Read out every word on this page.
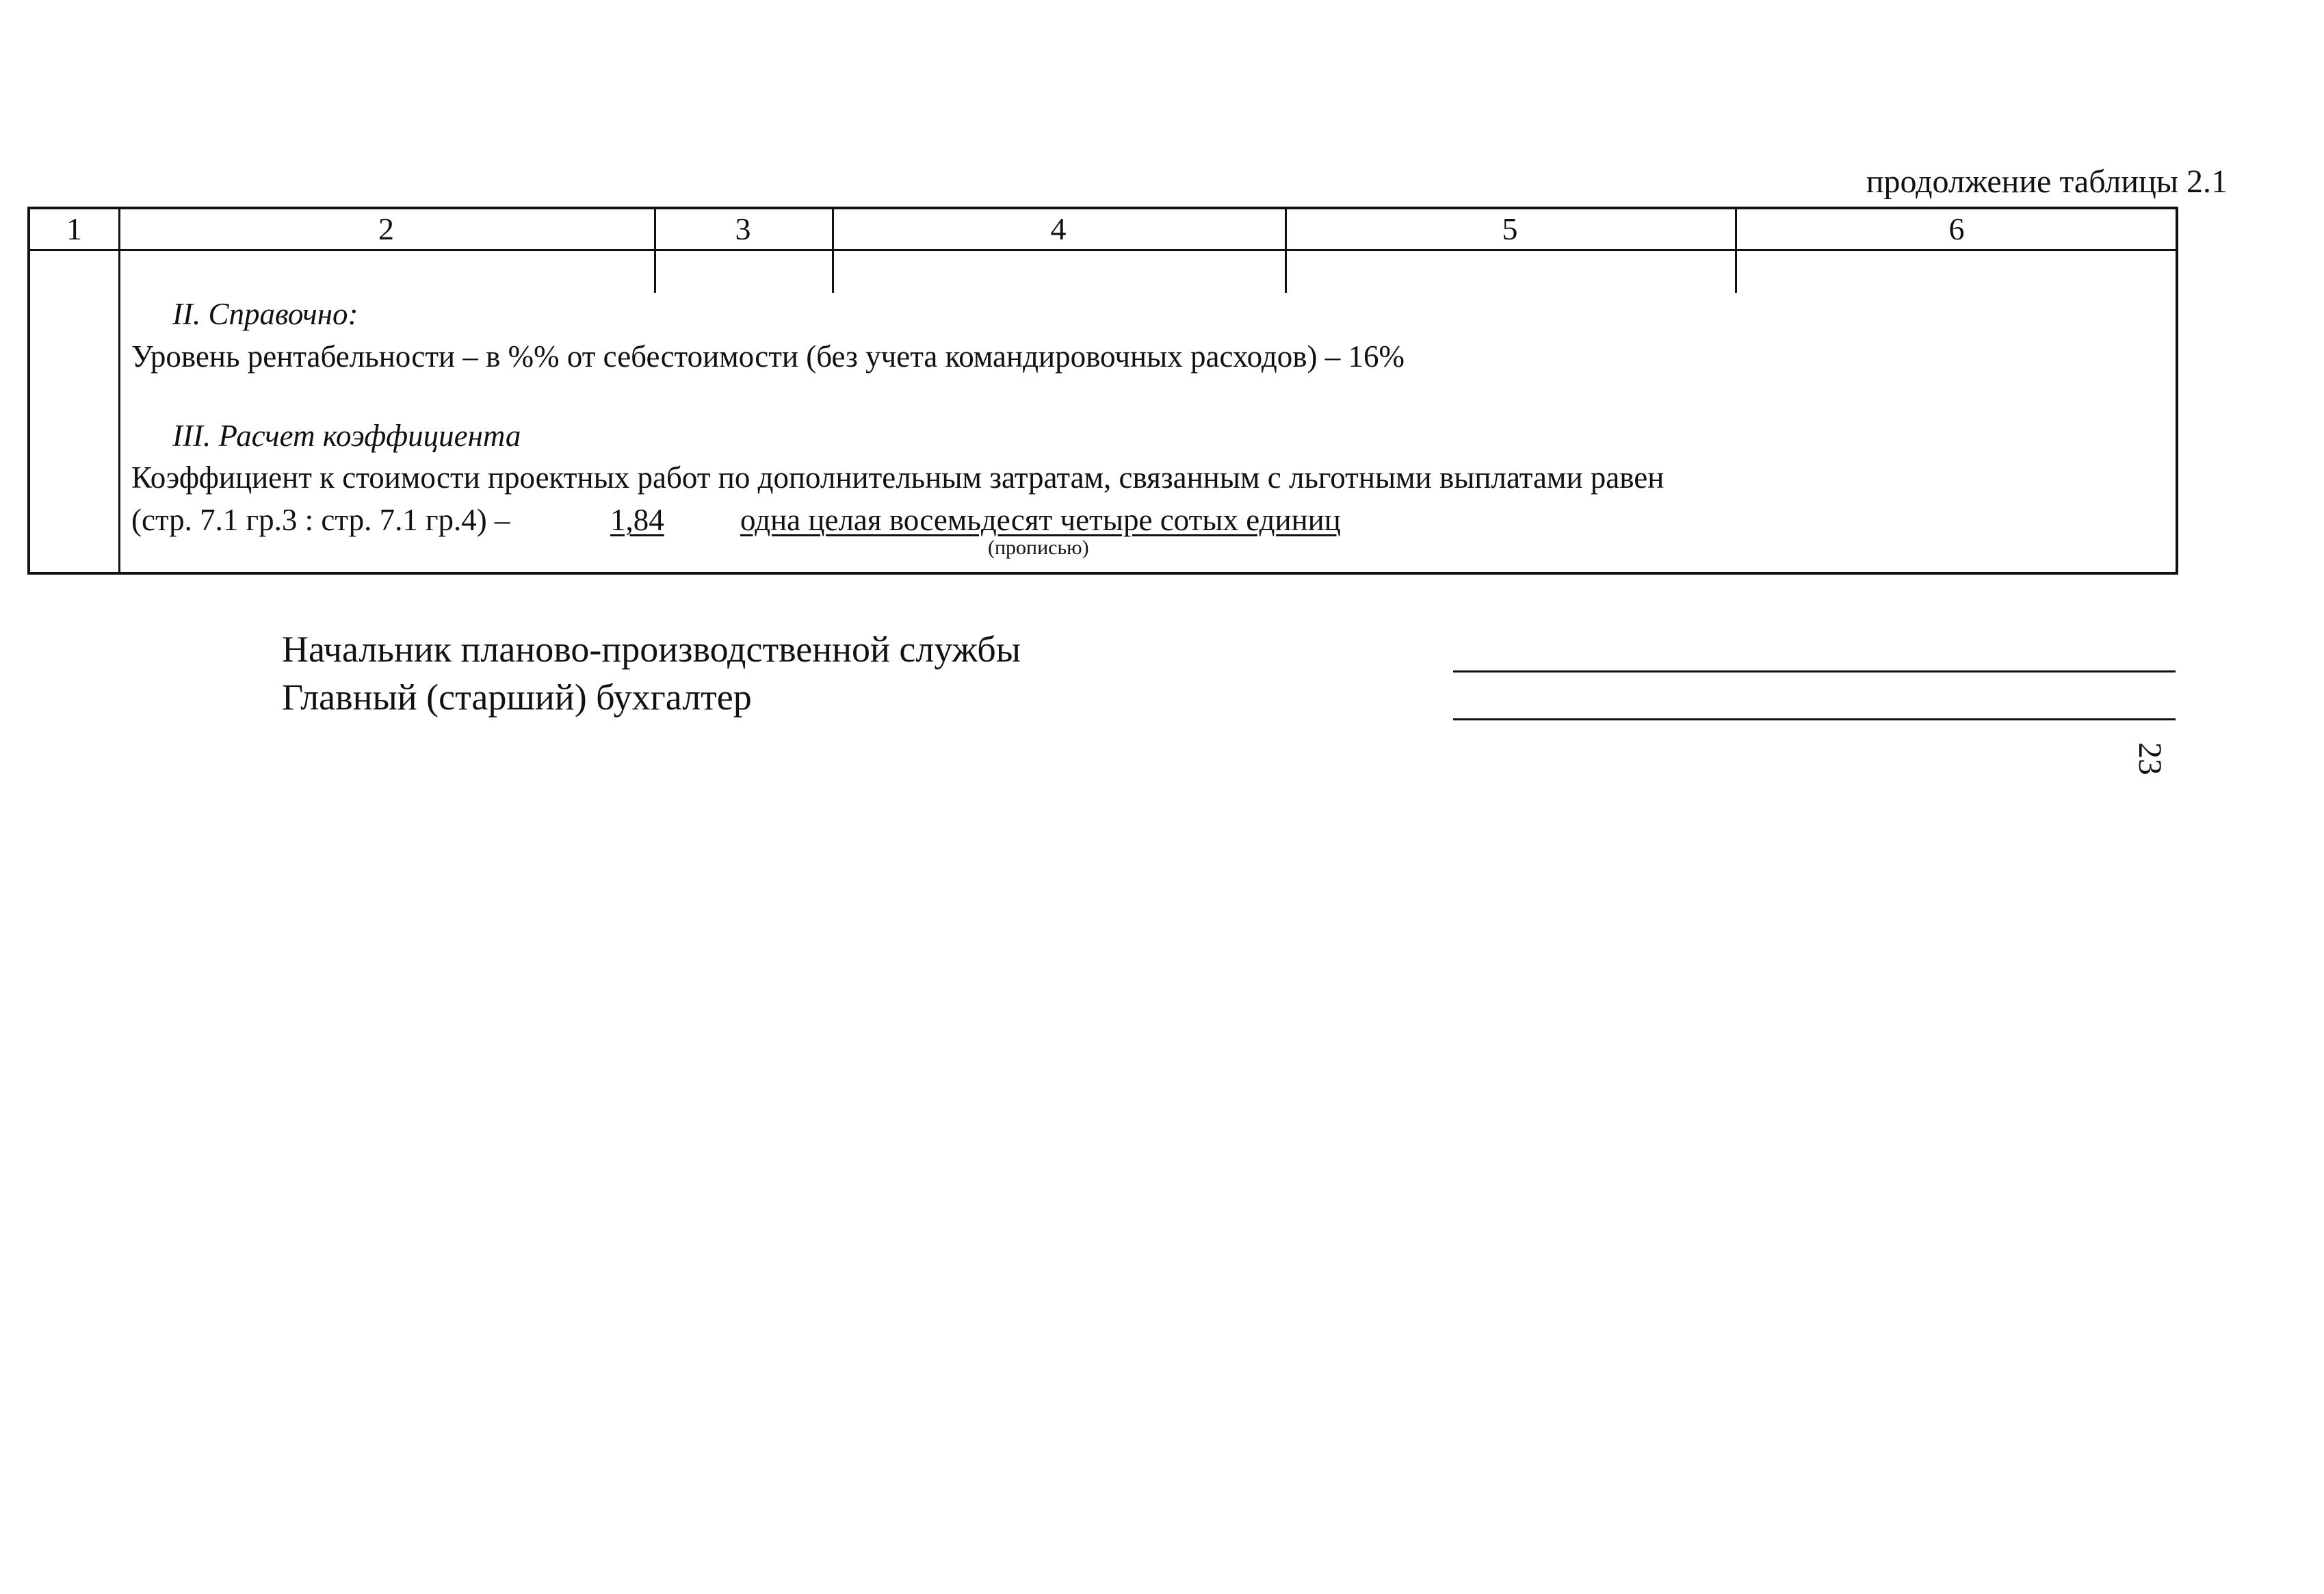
продолжение таблицы 2.1
1	2	3	4	5	6
II. Справочно:
Уровень рентабельности – в %% от себестоимости (без учета командировочных расходов) – 16%
III. Расчет коэффициента
Коэффициент к стоимости проектных работ по дополнительным затратам, связанным с льготными выплатами равен
(стр. 7.1 гр.3 : стр. 7.1 гр.4) –	1,84	одна целая восемьдесят четыре сотых единиц
(прописью)
Начальник планово-производственной службы
Главный (старший) бухгалтер
23
